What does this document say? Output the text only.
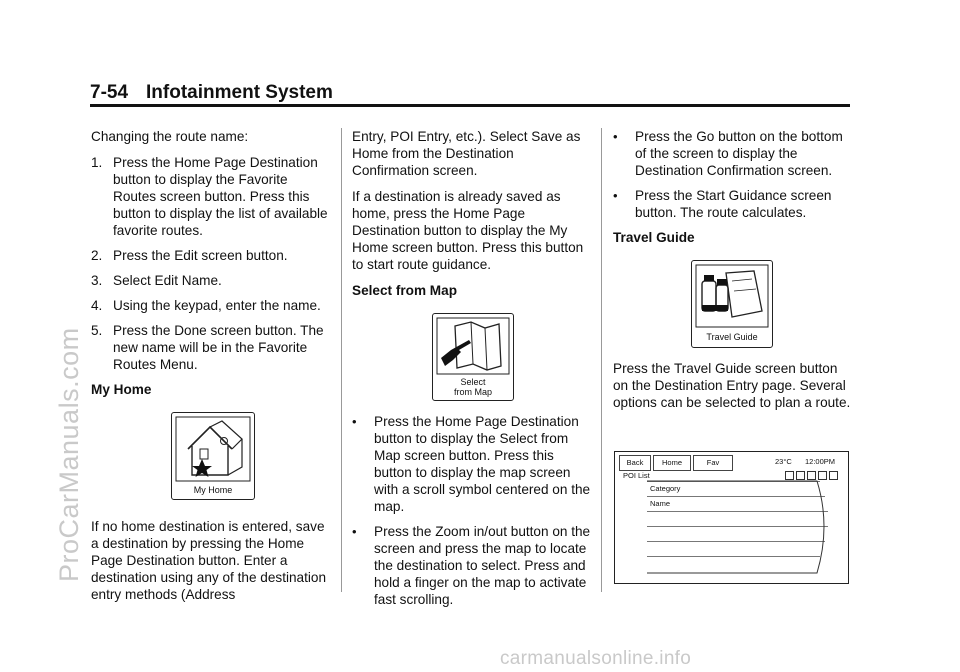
7-54 Infotainment System

Changing the route name:

1. Press the Home Page Destination button to display the Favorite Routes screen button. Press this button to display the list of available favorite routes.
2. Press the Edit screen button.
3. Select Edit Name.
4. Using the keypad, enter the name.
5. Press the Done screen button. The new name will be in the Favorite Routes Menu.

My Home

My Home

If no home destination is entered, save a destination by pressing the Home Page Destination button. Enter a destination using any of the destination entry methods (Address

Entry, POI Entry, etc.). Select Save as Home from the Destination Confirmation screen.

If a destination is already saved as home, press the Home Page Destination button to display the My Home screen button. Press this button to start route guidance.

Select from Map

Select
from Map
•	Press the Home Page Destination button to display the Select from Map screen button. Press this button to display the map screen with a scroll symbol centered on the map.
•	Press the Zoom in/out button on the screen and press the map to locate the destination to select. Press and hold a finger on the map to activate fast scrolling.
•	Press the Go button on the bottom of the screen to display the Destination Confirmation screen.
•	Press the Start Guidance screen button. The route calculates.

Travel Guide

Travel Guide

Press the Travel Guide screen button on the Destination Entry page. Several options can be selected to plan a route.

Back	Home	Fav	23°C 12:00PM
POI List
Category
Name
ProCarManuals.com
carmanualsonline.info
